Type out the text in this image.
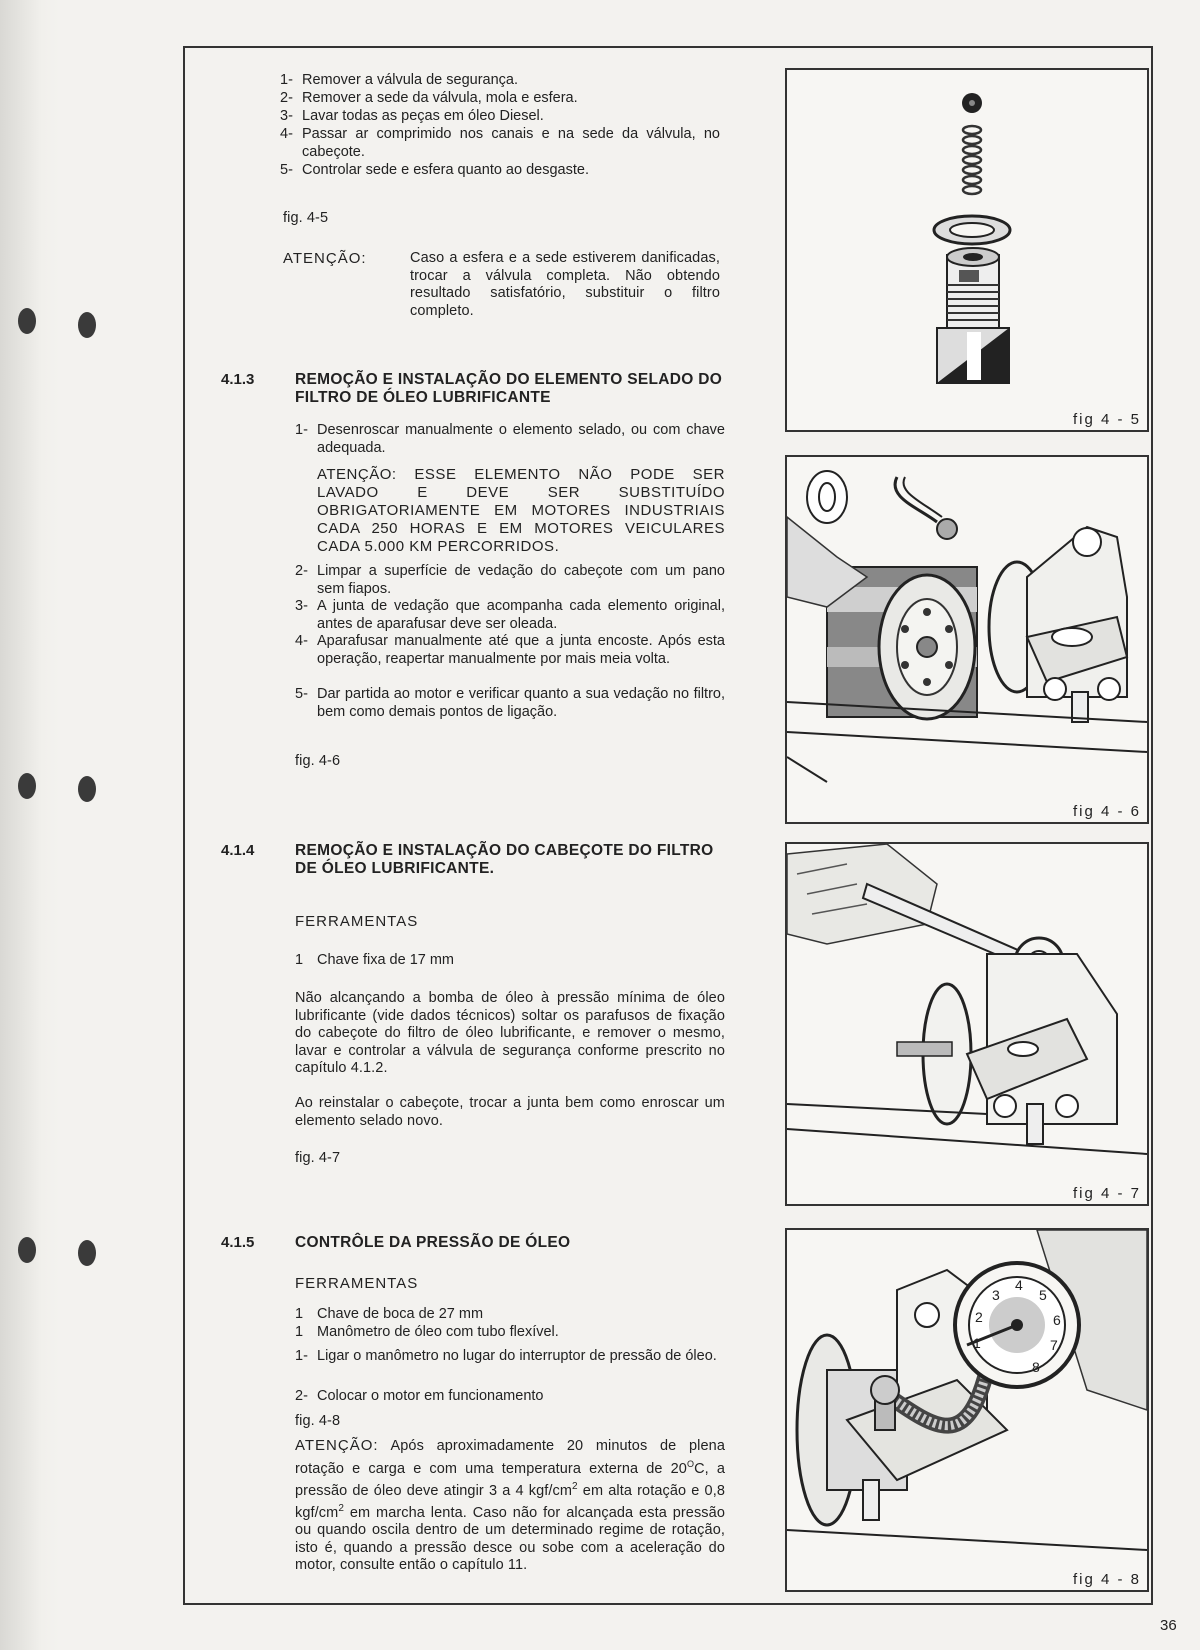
36
1- Remover a válvula de segurança.
2- Remover a sede da válvula, mola e esfera.
3- Lavar todas as peças em óleo Diesel.
4- Passar ar comprimido nos canais e na sede da válvula, no cabeçote.
5- Controlar sede e esfera quanto ao desgaste.
fig. 4-5
ATENÇÃO:	Caso a esfera e a sede estiverem danificadas, trocar a válvula completa. Não obtendo resultado satisfatório, substituir o filtro completo.
4.1.3	REMOÇÃO E INSTALAÇÃO DO ELEMENTO SELADO DO FILTRO DE ÓLEO LUBRIFICANTE
1- Desenroscar manualmente o elemento selado, ou com chave adequada.
ATENÇÃO: ESSE ELEMENTO NÃO PODE SER LAVADO E DEVE SER SUBSTITUÍDO OBRIGATORIAMENTE EM MOTORES INDUSTRIAIS CADA 250 HORAS E EM MOTORES VEICULARES CADA 5.000 KM PERCORRIDOS.
2- Limpar a superfície de vedação do cabeçote com um pano sem fiapos.
3- A junta de vedação que acompanha cada elemento original, antes de aparafusar deve ser oleada.
4- Aparafusar manualmente até que a junta encoste. Após esta operação, reapertar manualmente por mais meia volta.
5- Dar partida ao motor e verificar quanto a sua vedação no filtro, bem como demais pontos de ligação.
fig. 4-6
4.1.4	REMOÇÃO E INSTALAÇÃO DO CABEÇOTE DO FILTRO DE ÓLEO LUBRIFICANTE.
FERRAMENTAS
1 Chave fixa de 17 mm
Não alcançando a bomba de óleo à pressão mínima de óleo lubrificante (vide dados técnicos) soltar os parafusos de fixação do cabeçote do filtro de óleo lubrificante, e remover o mesmo, lavar e controlar a válvula de segurança conforme prescrito no capítulo 4.1.2.
Ao reinstalar o cabeçote, trocar a junta bem como enroscar um elemento selado novo.
fig. 4-7
4.1.5	CONTRÔLE DA PRESSÃO DE ÓLEO
FERRAMENTAS
1 Chave de boca de 27 mm
1 Manômetro de óleo com tubo flexível.
1- Ligar o manômetro no lugar do interruptor de pressão de óleo.
2- Colocar o motor em funcionamento
fig. 4-8
ATENÇÃO: Após aproximadamente 20 minutos de plena rotação e carga e com uma temperatura externa de $20^OC$, a pressão de óleo deve atingir 3 a 4 kgf/$cm^2$ em alta rotação e 0,8 kgf/$cm^2$ em marcha lenta. Caso não for alcançada esta pressão ou quando oscila dentro de um determinado regime de rotação, isto é, quando a pressão desce ou sobe com a aceleração do motor, consulte então o capítulo 11.
fig 4 - 5
fig 4 - 6
fig 4 - 7
1
2
3
4
5
6
7
8
fig 4 - 8
